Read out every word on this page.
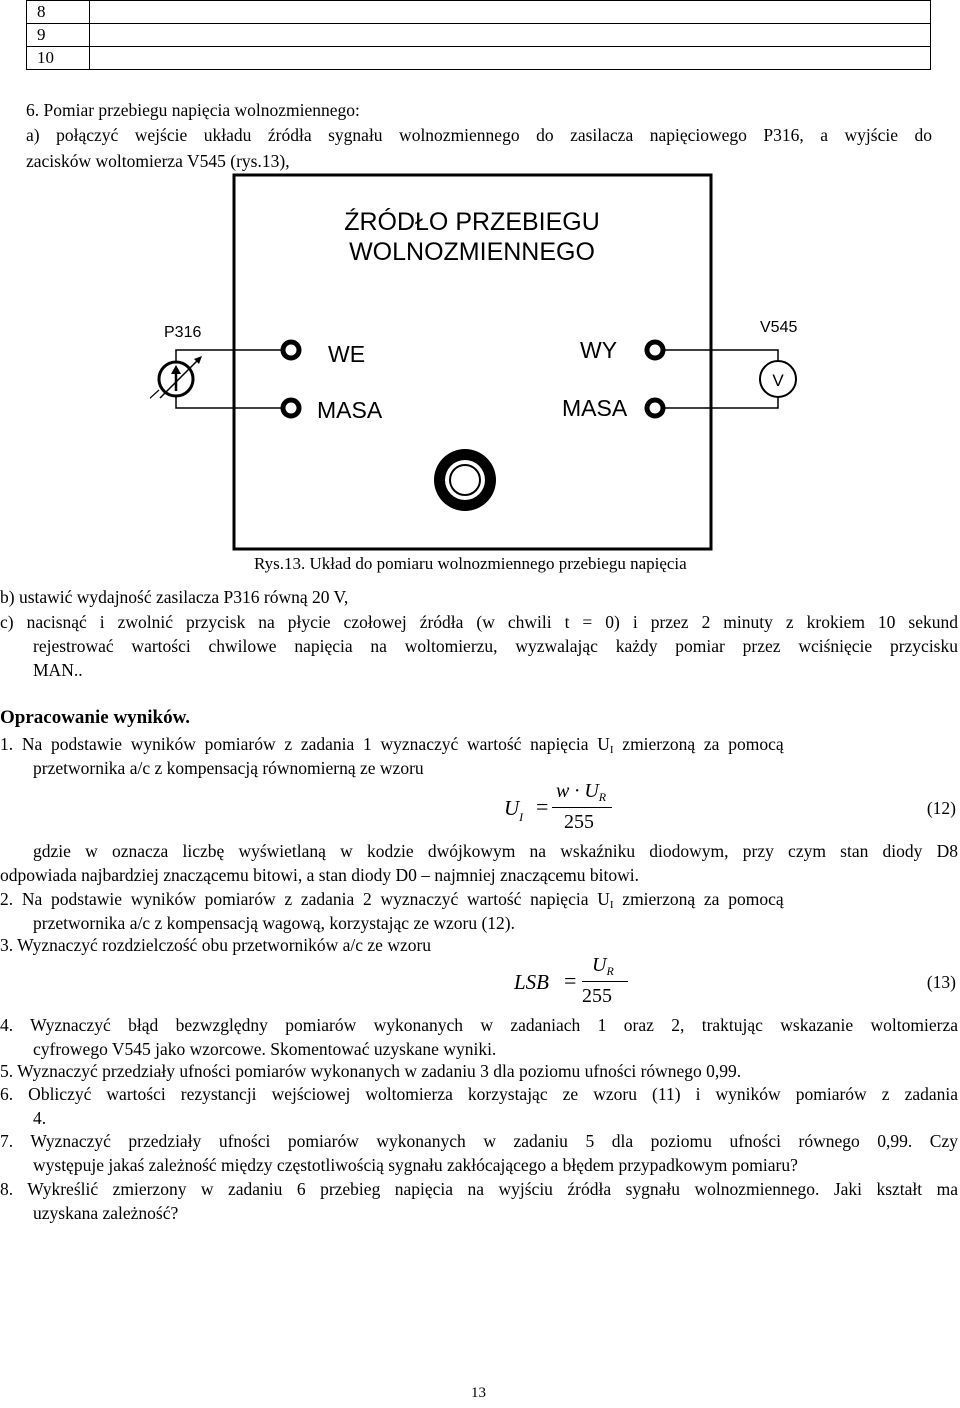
8	
9	
10	
6. Pomiar przebiegu napięcia wolnozmiennego:
a) połączyć wejście układu źródła sygnału wolnozmiennego do zasilacza napięciowego P316, a wyjście do
zacisków woltomierza V545 (rys.13),
ŹRÓDŁO PRZEBIEGU
WOLNOZMIENNEGO
WE
MASA
WY
MASA
P316	V545
V
Rys.13. Układ do pomiaru wolnozmiennego przebiegu napięcia
b) ustawić wydajność zasilacza P316 równą 20 V,
c) nacisnąć i zwolnić przycisk na płycie czołowej źródła (w chwili t = 0) i przez 2 minuty z krokiem 10 sekund
rejestrować wartości chwilowe napięcia na woltomierzu, wyzwalając każdy pomiar przez wciśnięcie przycisku
MAN..
Opracowanie wyników.
1.  Na  podstawie  wyników  pomiarów  z  zadania  1  wyznaczyć  wartość  napięcia  $U_I$  zmierzoną  za  pomocą
przetwornika a/c z kompensacją równomierną ze wzoru
$U_I$ =
$w \cdot U_R$
255
(12)
gdzie w oznacza liczbę wyświetlaną w kodzie dwójkowym na wskaźniku diodowym, przy czym stan diody D8
odpowiada najbardziej znaczącemu bitowi, a stan diody D0 – najmniej znaczącemu bitowi.
2.  Na  podstawie  wyników  pomiarów  z  zadania  2  wyznaczyć  wartość  napięcia  $U_I$  zmierzoną  za  pomocą
przetwornika a/c z kompensacją wagową, korzystając ze wzoru (12).
3. Wyznaczyć rozdzielczość obu przetworników a/c ze wzoru
LSB =
$U_R$
255
(13)
4. Wyznaczyć błąd bezwzględny pomiarów wykonanych w zadaniach 1 oraz 2, traktując wskazanie woltomierza
cyfrowego V545 jako wzorcowe. Skomentować uzyskane wyniki.
5. Wyznaczyć przedziały ufności pomiarów wykonanych w zadaniu 3 dla poziomu ufności równego 0,99.
6. Obliczyć wartości rezystancji wejściowej woltomierza korzystając ze wzoru (11) i wyników pomiarów z zadania
4.
7. Wyznaczyć przedziały ufności pomiarów wykonanych w zadaniu 5 dla poziomu ufności równego 0,99. Czy
występuje jakaś zależność między częstotliwością sygnału zakłócającego a błędem przypadkowym pomiaru?
8. Wykreślić zmierzony w zadaniu 6 przebieg napięcia na wyjściu źródła sygnału wolnozmiennego. Jaki kształt ma
uzyskana zależność?
13
